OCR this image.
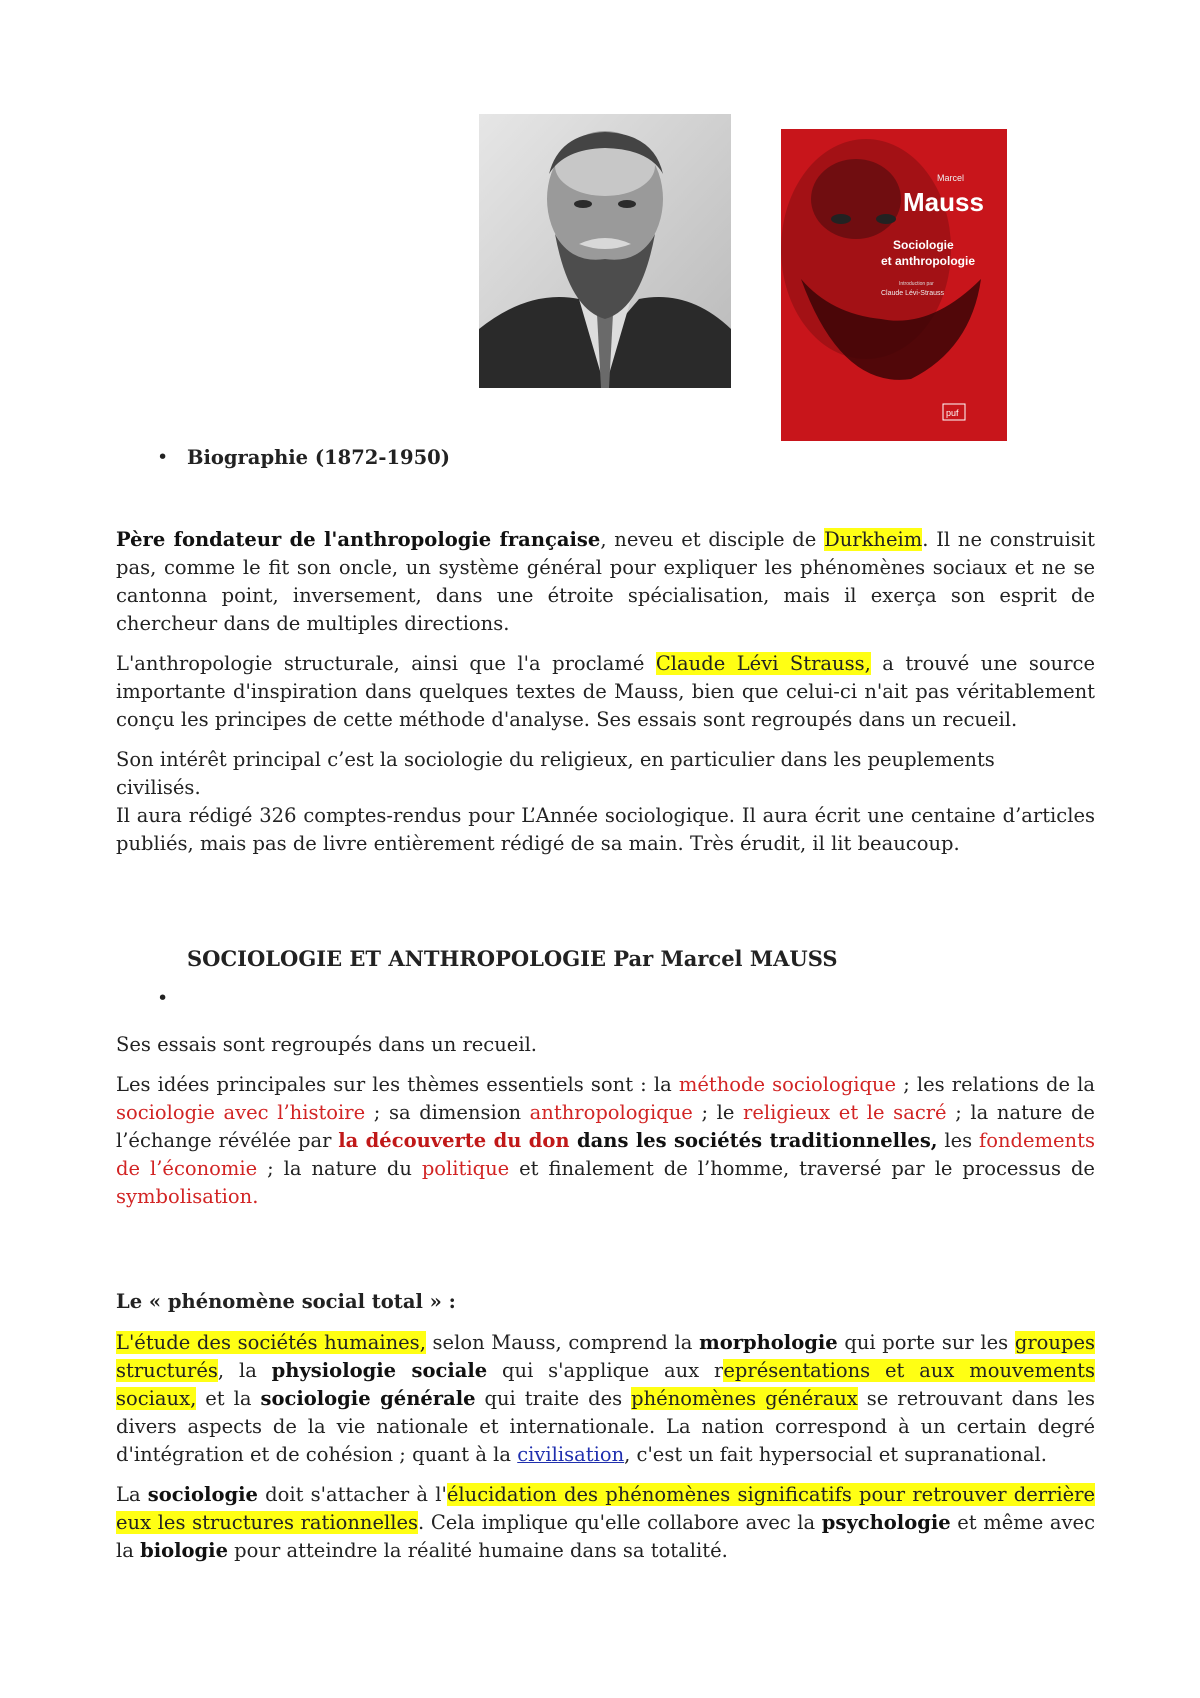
Marcel
Mauss
Sociologie
et anthropologie
Introduction par
Claude Lévi-Strauss
puf
• Biographie (1872-1950)
Père fondateur de l'anthropologie française, neveu et disciple de Durkheim. Il ne construisit pas, comme le fit son oncle, un système général pour expliquer les phénomènes sociaux et ne se cantonna point, inversement, dans une étroite spécialisation, mais il exerça son esprit de chercheur dans de multiples directions.
L'anthropologie structurale, ainsi que l'a proclamé Claude Lévi Strauss, a trouvé une source importante d'inspiration dans quelques textes de Mauss, bien que celui-ci n'ait pas véritablement conçu les principes de cette méthode d'analyse. Ses essais sont regroupés dans un recueil.
Son intérêt principal c’est la sociologie du religieux, en particulier dans les peuplements
civilisés.
Il aura rédigé 326 comptes-rendus pour L’Année sociologique. Il aura écrit une centaine d’articles publiés, mais pas de livre entièrement rédigé de sa main. Très érudit, il lit beaucoup.
SOCIOLOGIE ET ANTHROPOLOGIE Par Marcel MAUSS
•
Ses essais sont regroupés dans un recueil.
Les idées principales sur les thèmes essentiels sont : la méthode sociologique ; les relations de la sociologie avec l’histoire ; sa dimension anthropologique ; le religieux et le sacré ; la nature de l’échange révélée par la découverte du don dans les sociétés traditionnelles, les fondements de l’économie ; la nature du politique et finalement de l’homme, traversé par le processus de symbolisation.
Le « phénomène social total » :
L'étude des sociétés humaines, selon Mauss, comprend la morphologie qui porte sur les groupes structurés, la physiologie sociale qui s'applique aux représentations et aux mouvements sociaux, et la sociologie générale qui traite des phénomènes généraux se retrouvant dans les divers aspects de la vie nationale et internationale. La nation correspond à un certain degré d'intégration et de cohésion ; quant à la civilisation, c'est un fait hypersocial et supranational.
La sociologie doit s'attacher à l'élucidation des phénomènes significatifs pour retrouver derrière eux les structures rationnelles. Cela implique qu'elle collabore avec la psychologie et même avec la biologie pour atteindre la réalité humaine dans sa totalité.
